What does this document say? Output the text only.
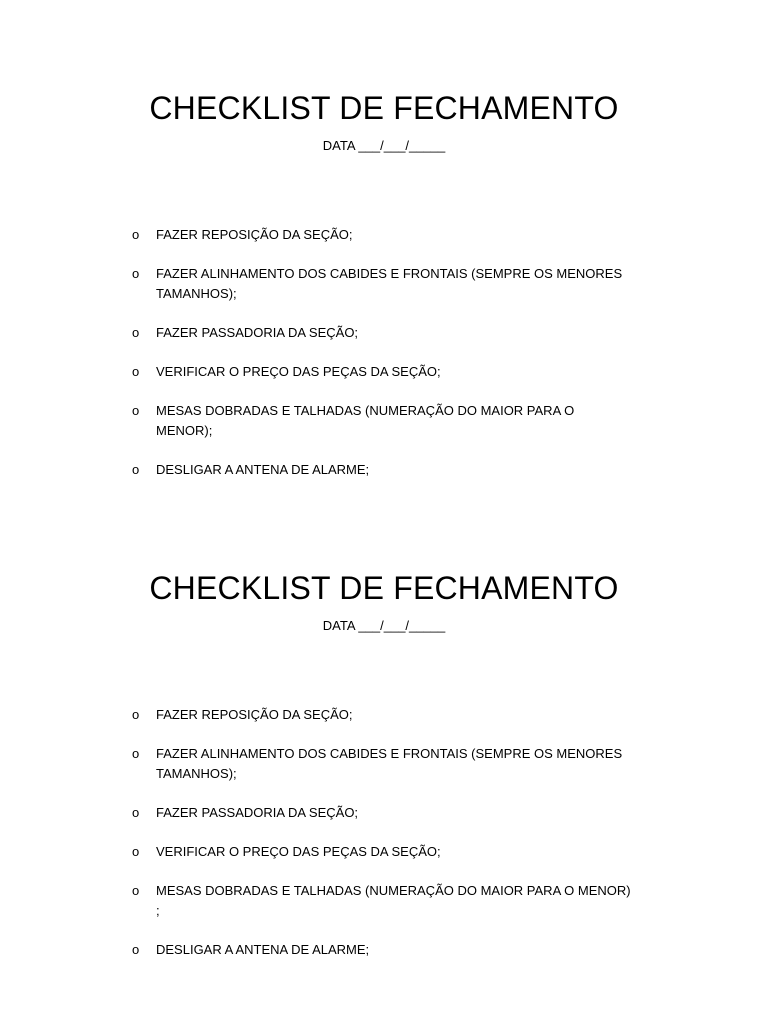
CHECKLIST DE FECHAMENTO

DATA ___/___/_____

o FAZER REPOSIÇÃO DA SEÇÃO;
o FAZER ALINHAMENTO DOS CABIDES E FRONTAIS (SEMPRE OS MENORES TAMANHOS);
o FAZER PASSADORIA DA SEÇÃO;
o VERIFICAR O PREÇO DAS PEÇAS DA SEÇÃO;
o MESAS DOBRADAS E TALHADAS (NUMERAÇÃO DO MAIOR PARA O MENOR);
o DESLIGAR A ANTENA DE ALARME;
CHECKLIST DE FECHAMENTO

DATA ___/___/_____

o FAZER REPOSIÇÃO DA SEÇÃO;
o FAZER ALINHAMENTO DOS CABIDES E FRONTAIS (SEMPRE OS MENORES TAMANHOS);
o FAZER PASSADORIA DA SEÇÃO;
o VERIFICAR O PREÇO DAS PEÇAS DA SEÇÃO;
o MESAS DOBRADAS E TALHADAS (NUMERAÇÃO DO MAIOR PARA O MENOR) ;
o DESLIGAR A ANTENA DE ALARME;
